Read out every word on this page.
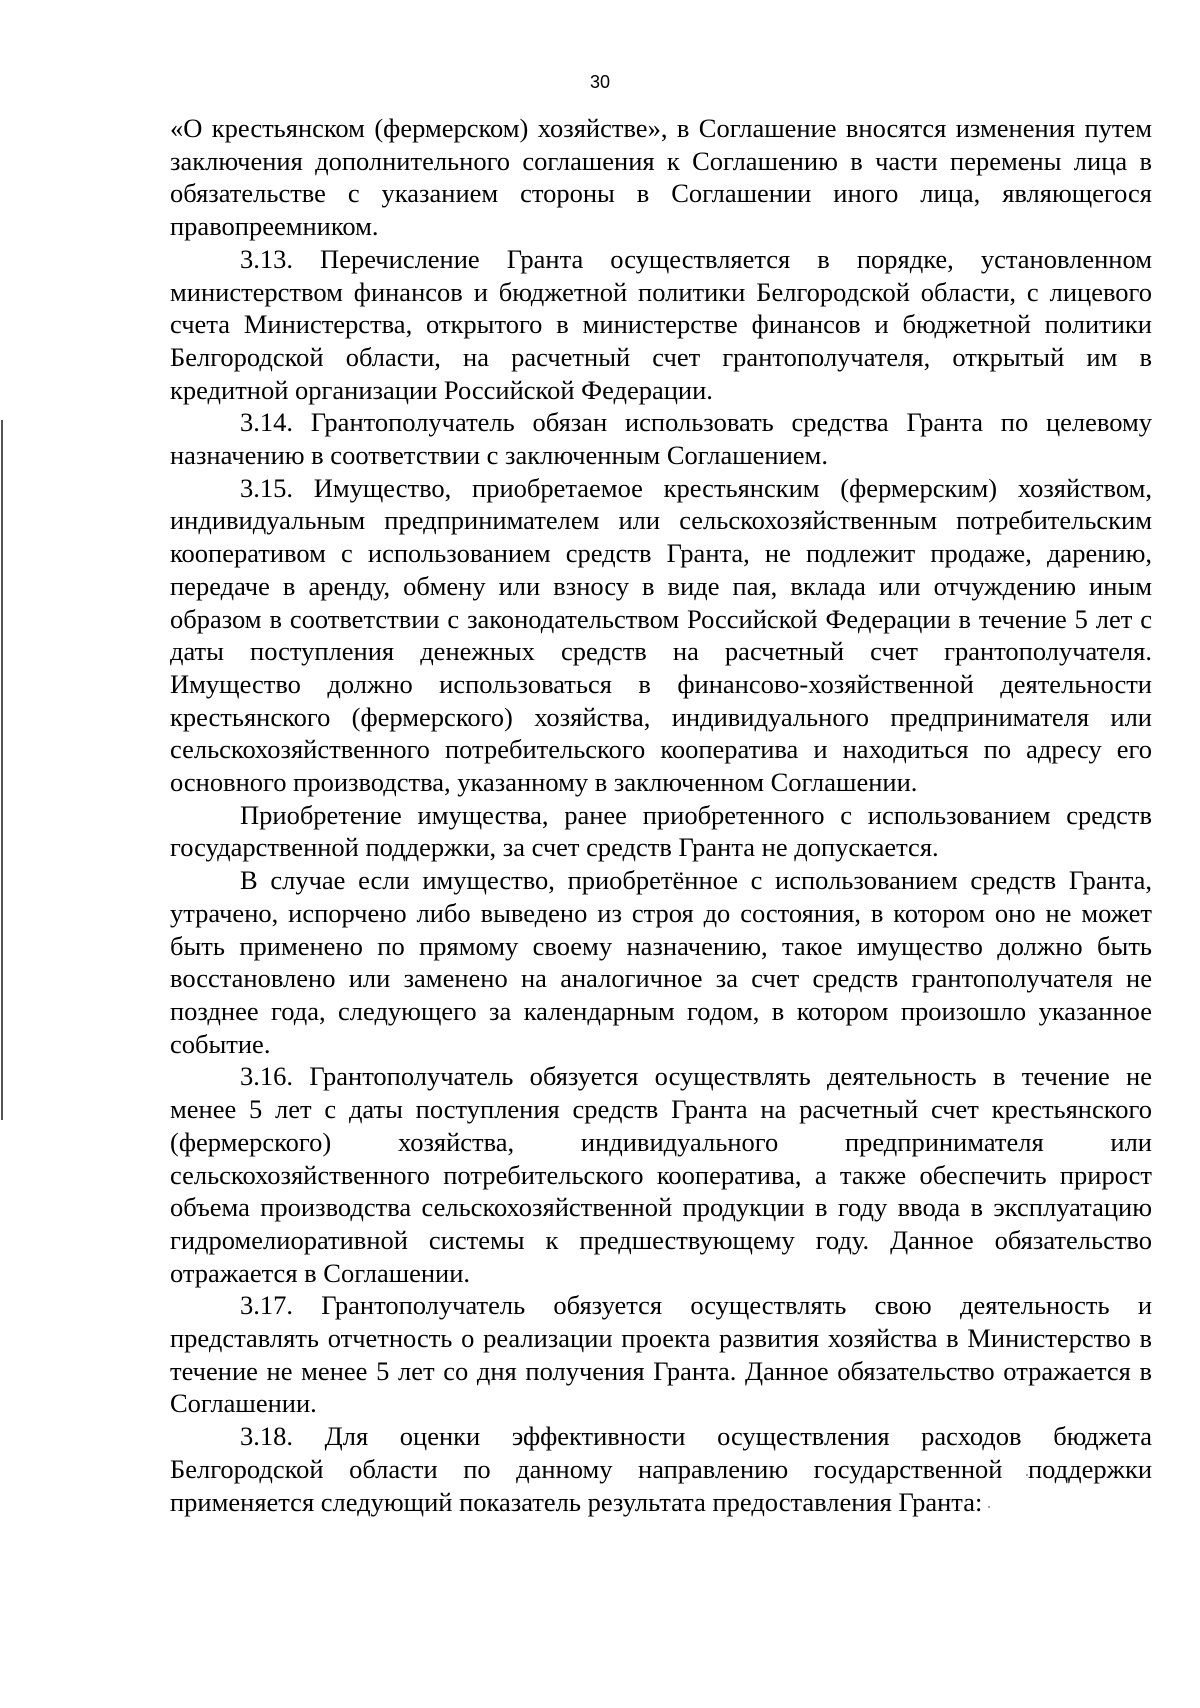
30

«О крестьянском (фермерском) хозяйстве», в Соглашение вносятся изменения путем заключения дополнительного соглашения к Соглашению в части перемены лица в обязательстве с указанием стороны в Соглашении иного лица, являющегося правопреемником.

3.13. Перечисление Гранта осуществляется в порядке, установленном министерством финансов и бюджетной политики Белгородской области, с лицевого счета Министерства, открытого в министерстве финансов и бюджетной политики Белгородской области, на расчетный счет грантополучателя, открытый им в кредитной организации Российской Федерации.

3.14. Грантополучатель обязан использовать средства Гранта по целевому назначению в соответствии с заключенным Соглашением.

3.15. Имущество, приобретаемое крестьянским (фермерским) хозяйством, индивидуальным предпринимателем или сельскохозяйственным потребительским кооперативом с использованием средств Гранта, не подлежит продаже, дарению, передаче в аренду, обмену или взносу в виде пая, вклада или отчуждению иным образом в соответствии с законодательством Российской Федерации в течение 5 лет с даты поступления денежных средств на расчетный счет грантополучателя. Имущество должно использоваться в финансово-хозяйственной деятельности крестьянского (фермерского) хозяйства, индивидуального предпринимателя или сельскохозяйственного потребительского кооператива и находиться по адресу его основного производства, указанному в заключенном Соглашении.

Приобретение имущества, ранее приобретенного с использованием средств государственной поддержки, за счет средств Гранта не допускается.

В случае если имущество, приобретённое с использованием средств Гранта, утрачено, испорчено либо выведено из строя до состояния, в котором оно не может быть применено по прямому своему назначению, такое имущество должно быть восстановлено или заменено на аналогичное за счет средств грантополучателя не позднее года, следующего за календарным годом, в котором произошло указанное событие.

3.16. Грантополучатель обязуется осуществлять деятельность в течение не менее 5 лет с даты поступления средств Гранта на расчетный счет крестьянского (фермерского) хозяйства, индивидуального предпринимателя или сельскохозяйственного потребительского кооператива, а также обеспечить прирост объема производства сельскохозяйственной продукции в году ввода в эксплуатацию гидромелиоративной системы к предшествующему году. Данное обязательство отражается в Соглашении.

3.17. Грантополучатель обязуется осуществлять свою деятельность и представлять отчетность о реализации проекта развития хозяйства в Министерство в течение не менее 5 лет со дня получения Гранта. Данное обязательство отражается в Соглашении.

3.18. Для оценки эффективности осуществления расходов бюджета Белгородской области по данному направлению государственной поддержки применяется следующий показатель результата предоставления Гранта:
